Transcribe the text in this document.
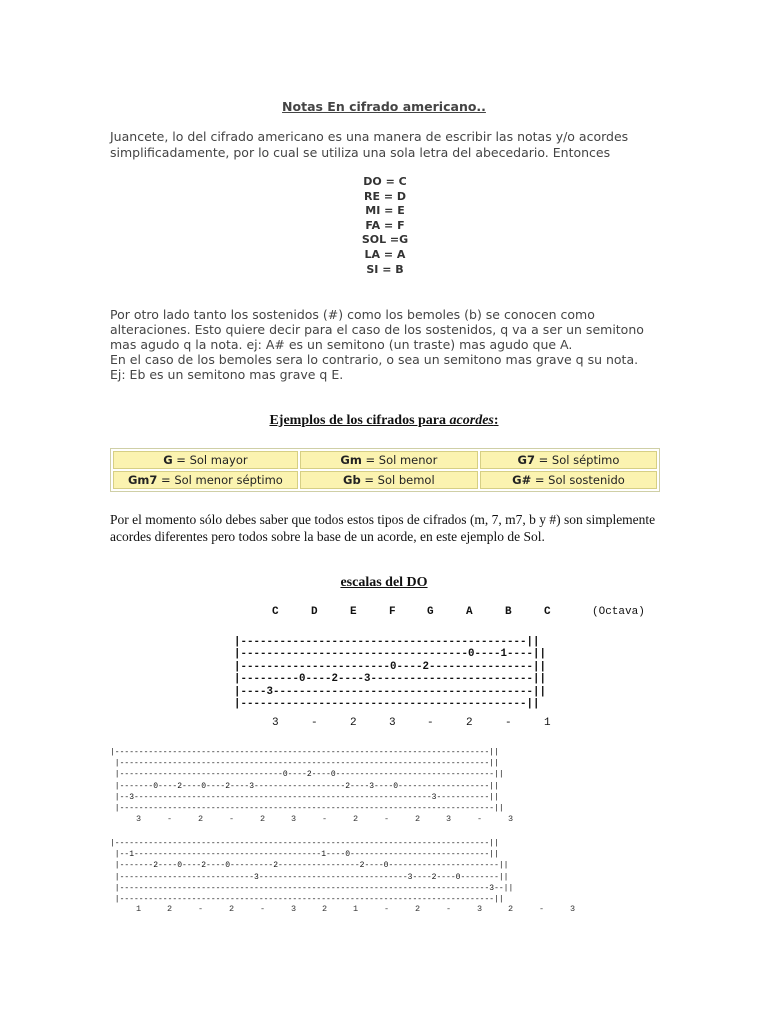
Notas En cifrado americano..
Juancete, lo del cifrado americano es una manera de escribir las notas y/o acordes simplificadamente, por lo cual se utiliza una sola letra del abecedario. Entonces
DO = C
RE = D
MI = E
FA = F
SOL =G
LA = A
SI = B
Por otro lado tanto los sostenidos (#) como los bemoles (b) se conocen como alteraciones. Esto quiere decir para el caso de los sostenidos, q va a ser un semitono mas agudo q la nota. ej: A# es un semitono (un traste) mas agudo que A.
En el caso de los bemoles sera lo contrario, o sea un semitono mas grave q su nota. Ej: Eb es un semitono mas grave q E.
Ejemplos de los cifrados para acordes:
G = Sol mayor	Gm = Sol menor	G7 = Sol séptimo
Gm7 = Sol menor séptimo	Gb = Sol bemol	G# = Sol sostenido
Por el momento sólo debes saber que todos estos tipos de cifrados (m, 7, m7, b y #) son simplemente acordes diferentes pero todos sobre la base de un acorde, en este ejemplo de Sol.
escalas del DO
C	D	E	F	G	A	B	C	(Octava)
|--------------------------------------------||
|-----------------------------------0----1----||
|-----------------------0----2----------------||
|---------0----2----3-------------------------||
|----3----------------------------------------||
|--------------------------------------------||
3	-	2	3	-	2	-	1
|------------------------------------------------------------------------------||
|-----------------------------------------------------------------------------||
|----------------------------------0----2----0---------------------------------||
|-------0----2----0----2----3-------------------2----3----0-------------------||
|--3--------------------------------------------------------------3-----------||
|------------------------------------------------------------------------------||
3	-	2	-	2	3	-	2	-	2	3	-	3
|------------------------------------------------------------------------------||
|--1---------------------------------------1----0-----------------------------||
|-------2----0----2----0---------2-----------------2----0-----------------------||
|----------------------------3-------------------------------3----2----0--------||
|-----------------------------------------------------------------------------3--||
|------------------------------------------------------------------------------||
1	2	-	2	-	3	2	1	-	2	-	3	2	-	3
